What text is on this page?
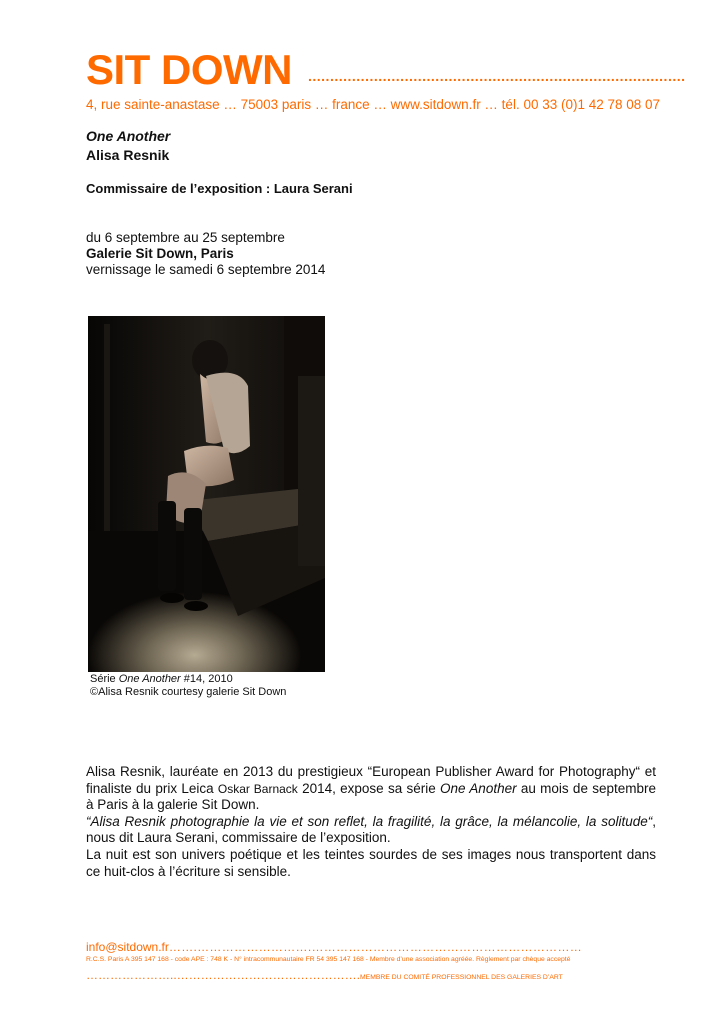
SIT DOWN ......................................................................................
4, rue sainte-anastase … 75003 paris … france … www.sitdown.fr … tél. 00 33 (0)1 42 78 08 07
One Another
Alisa Resnik
Commissaire de l’exposition : Laura Serani
du 6 septembre au 25 septembre
Galerie Sit Down, Paris
vernissage le samedi 6 septembre 2014
Série One Another #14, 2010
©Alisa Resnik courtesy galerie Sit Down

Alisa Resnik, lauréate en 2013 du prestigieux “European Publisher Award for Photography“ et finaliste du prix Leica Oskar Barnack 2014, expose sa série One Another au mois de septembre à Paris à la galerie Sit Down.

“Alisa Resnik photographie la vie et son reflet, la fragilité, la grâce, la mélancolie, la solitude“, nous dit Laura Serani, commissaire de l’exposition.

La nuit est son univers poétique et les teintes sourdes de ses images nous transportent dans ce huit-clos à l’écriture si sensible.

info@sitdown.fr…….……………………….…………………………………………………………
R.C.S. Paris A 395 147 168 - code APE : 748 K - N° intracommunautaire FR 54 395 147 168 - Membre d’une association agréée. Règlement par chèque accepté
…………………..……………………………………….MEMBRE DU COMITÉ PROFESSIONNEL DES GALERIES D’ART
